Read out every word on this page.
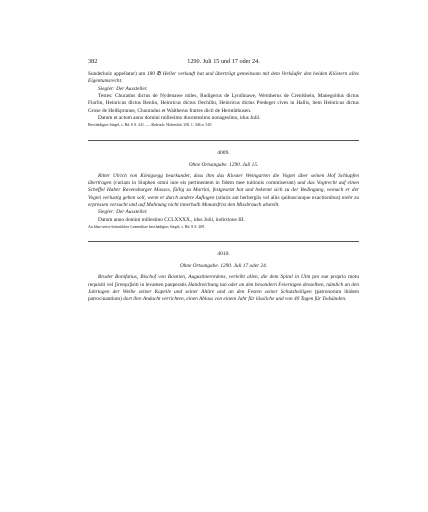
382	1290. Juli 15 und 17 oder 24.

Sunderholz appellatur) um 180 ℔ Heller verkauft hat und überträgt gemeinsam mit dem Verkäufer den beiden Klöstern alles Eigentumsrecht.

Siegler: Der Aussteller.

Testes: Churadus dictus de Nydenawe miles, Rudigerus de Lyndinawe, Wernherus de Crenlshein, Manegoldus dictus Fiurlin, Heinricus dictus Renlin, Heinricus dictus Oechilin, Heinricus dictus Predeger cives in Hallis, item Heinricus dictus Grose de Heilkprunne, Chunradus et Waltherus fratres dicti de Hermûthusen.

Datum et actum anno domini millesimo ducentesimo nonagesimo, idus Julii.

Beschädigtes Siegel, s. Bd. 6 S. 241. — Abdruck: Hohenloh. UB. 1, 346 n. 510.

4009.

Ohne Ortsangabe. 1290. Juli 15.

Ritter Ulrich von Königsegg beurkundet, dass ihm das Kloster Weingarten die Vogtei über seinen Hof Schlupfen übertragen (curiam in Sluphen omni iure eis pertinentem in fidem mee tuitionis commiserunt) und das Vogtrecht auf einen Scheffel Haber Ravensburger Masses, fällig zu Martini, festgesetzt hat und bekennt sich zu der Bedingung, wonach er der Vogtei verlustig gehen soll, wenn er durch andere Auflagen (stiuris aut herbergiis vel aliis quibuscunque exactionibus) mehr zu erpressen versucht und auf Mahnung nicht innerhalb Monatsfrist den Missbrauch abstellt.

Siegler: Der Aussteller.

Datum anno domini millesimo CCLXXXX., idus Julii, indictione III.

An blau-weiss-bräunlicher Leinenlitze beschädigtes Siegel, s. Bd. 8 S. 209.

4010.

Ohne Ortsangabe. 1290. Juli 17 oder 24.

Bruder Bonifatius, Bischof von Bosnien, Augustinerordens, verleiht allen, die dem Spital in Ulm pro sue proprio motu requisiti vel [irrequ]isiti in levamen pauperatis Handreichung tun oder an den besondern Feiertagen desselben, nämlich an den Jahrtagen der Weihe seiner Kapelle und seiner Altäre und an den Festen seiner Schutzheiligen (patronorum ibidem patrocinantium) dort ihre Andacht verrichten, einen Ablass von einem Jahr für lässliche und von 40 Tagen für Todsünden.
